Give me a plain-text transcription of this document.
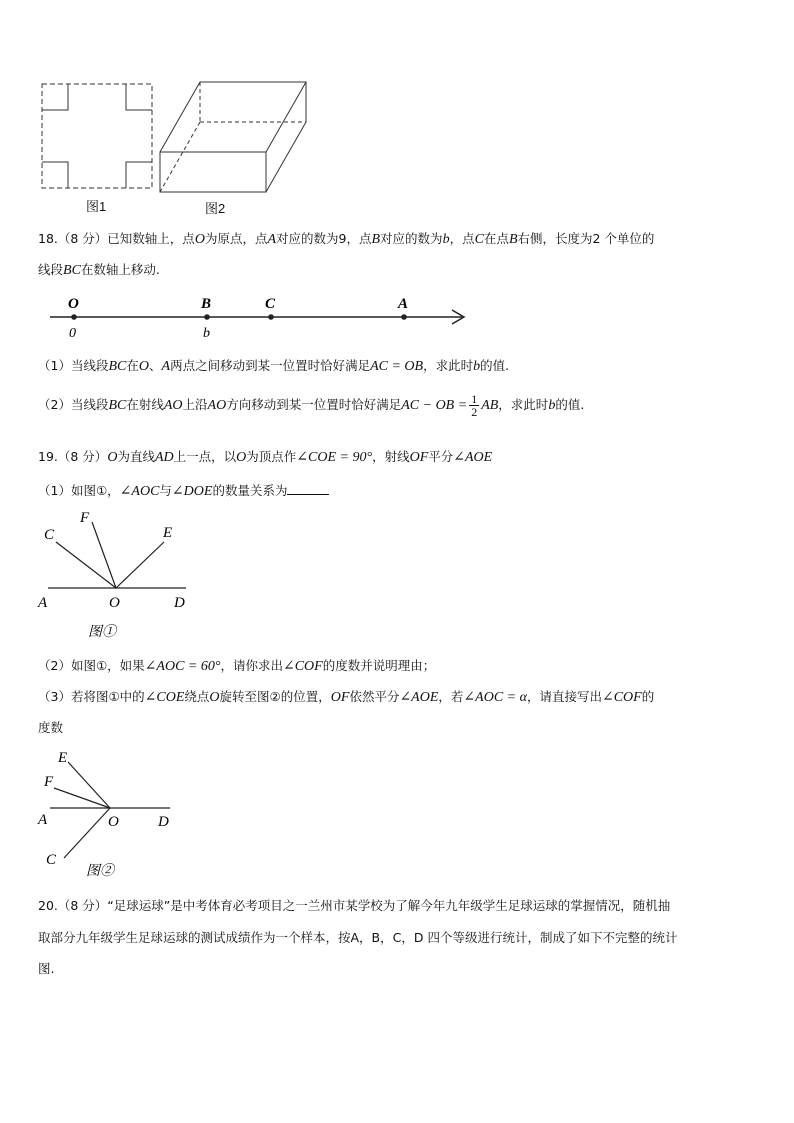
图1	图2
18.（8 分）已知数轴上，点O为原点，点A对应的数为9，点B对应的数为b，点C在点B右侧，长度为2 个单位的
线段BC在数轴上移动.
O	B	C	A
0	b
（1）当线段BC在O、A两点之间移动到某一位置时恰好满足AC = OB，求此时b的值.
（2）当线段BC在射线AO上沿AO方向移动到某一位置时恰好满足AC − OB = $\frac{1}{2}$ AB，求此时b的值.
19.（8 分）O为直线AD上一点，以O为顶点作∠COE = 90°，射线OF平分∠AOE
（1）如图①，∠AOC与∠DOE的数量关系为
C
F
E
A	O	D
图①
（2）如图①，如果∠AOC = 60°，请你求出∠COF的度数并说明理由；
（3）若将图①中的∠COE绕点O旋转至图②的位置，OF依然平分∠AOE，若∠AOC = α，请直接写出∠COF的
度数
E
F
A	O	D
C
图②
20.（8 分）“足球运球”是中考体育必考项目之一兰州市某学校为了解今年九年级学生足球运球的掌握情况，随机抽
取部分九年级学生足球运球的测试成绩作为一个样本，按A，B，C，D 四个等级进行统计，制成了如下不完整的统计
图.
